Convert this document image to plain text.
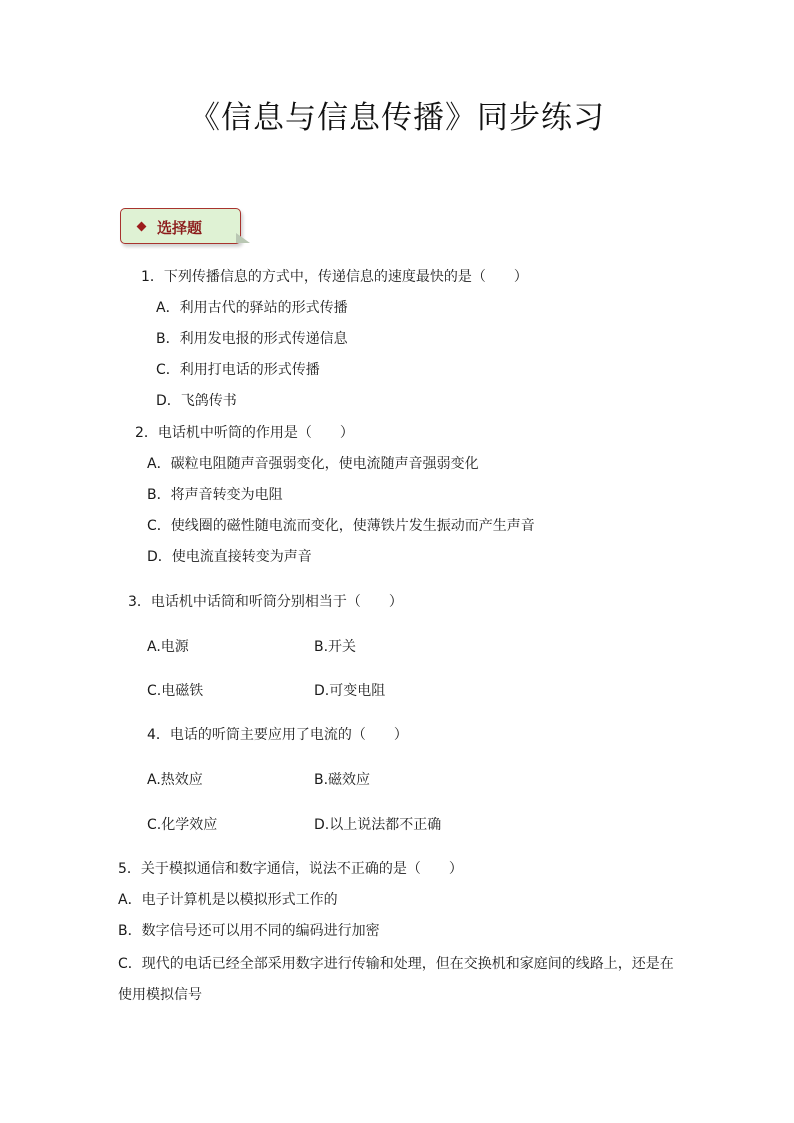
《信息与信息传播》同步练习
选择题
1．下列传播信息的方式中，传递信息的速度最快的是（　　）
A．利用古代的驿站的形式传播
B．利用发电报的形式传递信息
C．利用打电话的形式传播
D．飞鸽传书
2．电话机中听筒的作用是（　　）
A．碳粒电阻随声音强弱变化，使电流随声音强弱变化
B．将声音转变为电阻
C．使线圈的磁性随电流而变化，使薄铁片发生振动而产生声音
D．使电流直接转变为声音
3．电话机中话筒和听筒分别相当于（　　）
A.电源	B.开关
C.电磁铁	D.可变电阻
4．电话的听筒主要应用了电流的（　　）
A.热效应	B.磁效应
C.化学效应	D.以上说法都不正确
5．关于模拟通信和数字通信，说法不正确的是（　　）
A．电子计算机是以模拟形式工作的
B．数字信号还可以用不同的编码进行加密
C．现代的电话已经全部采用数字进行传输和处理，但在交换机和家庭间的线路上，还是在
使用模拟信号
